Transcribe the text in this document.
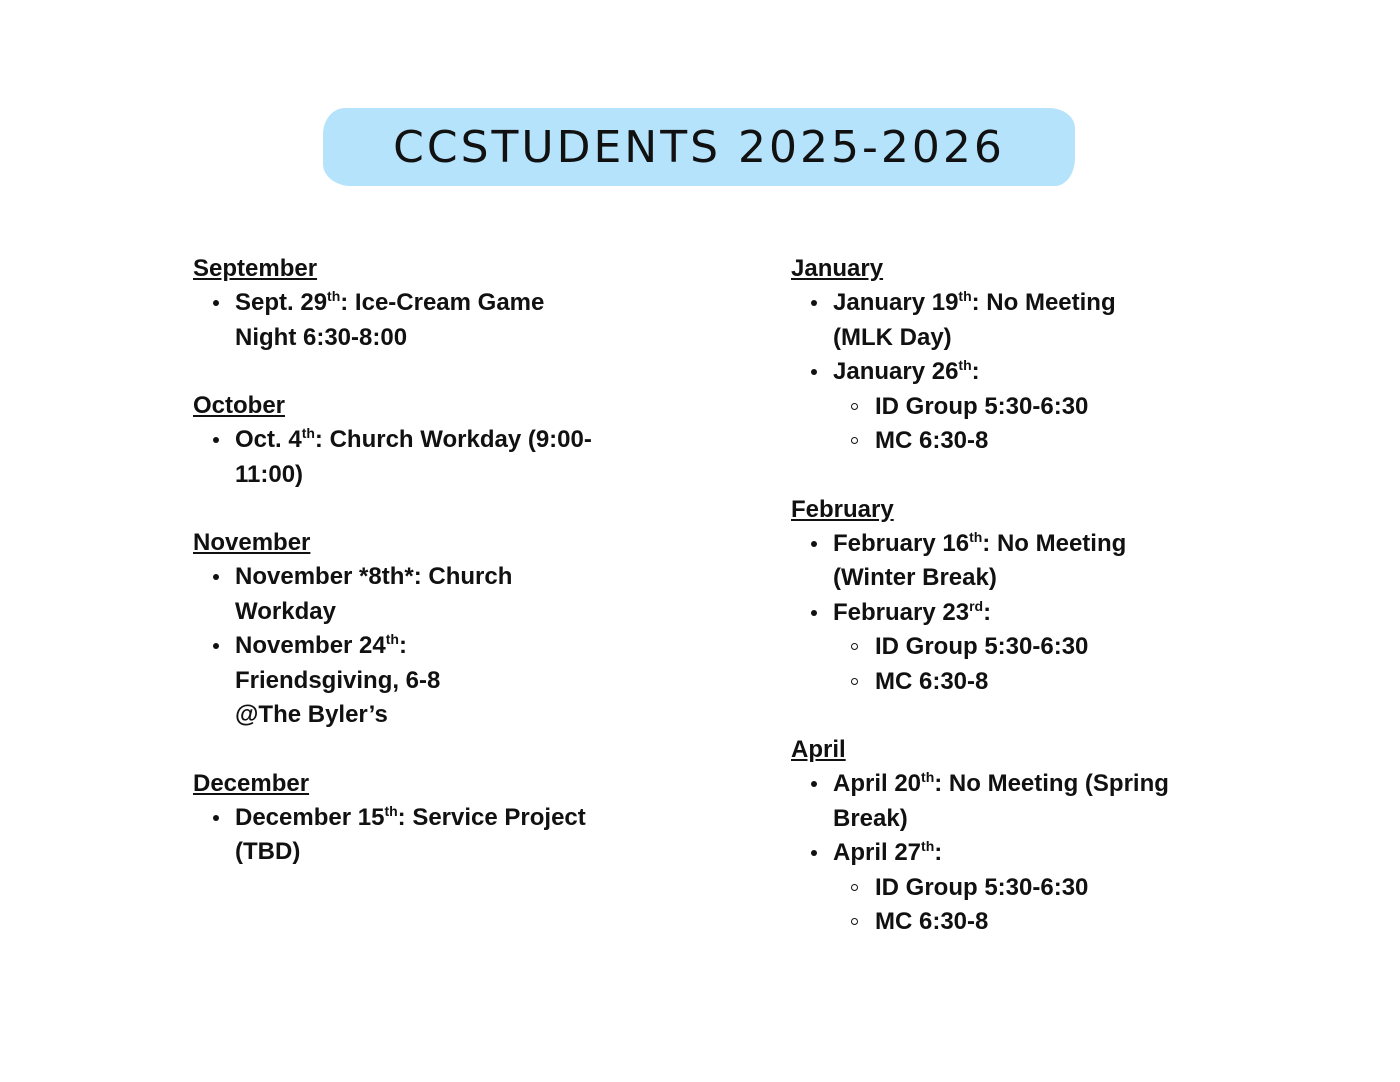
CCSTUDENTS 2025-2026
September
Sept. 29th: Ice-Cream Game Night 6:30-8:00
October
Oct. 4th: Church Workday (9:00-11:00)
November
November *8th*: Church Workday
November 24th:
Friendsgiving, 6-8
@The Byler’s
December
December 15th: Service Project (TBD)
January
January 19th: No Meeting (MLK Day)
January 26th:
ID Group 5:30-6:30
MC 6:30-8
February
February 16th: No Meeting (Winter Break)
February 23rd:
ID Group 5:30-6:30
MC 6:30-8
April
April 20th: No Meeting (Spring Break)
April 27th:
ID Group 5:30-6:30
MC 6:30-8
